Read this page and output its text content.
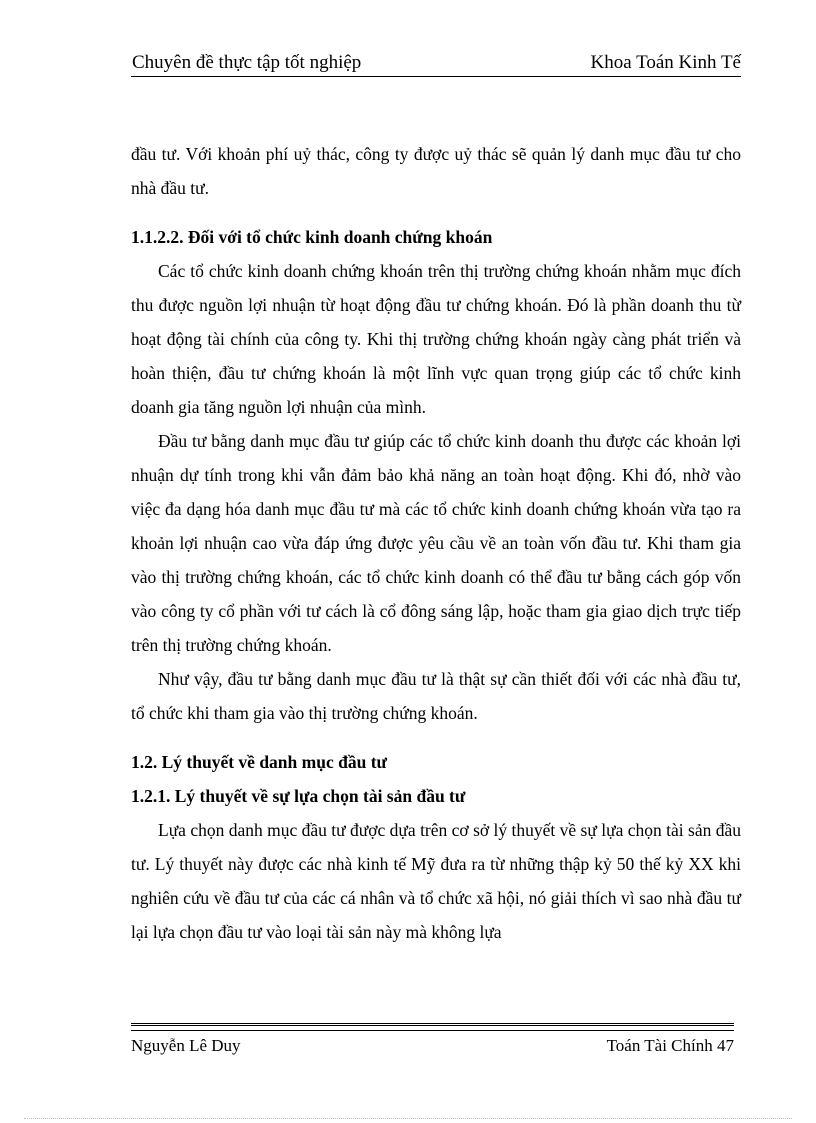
Chuyên đề thực tập tốt nghiệp	Khoa Toán Kinh Tế

đầu tư. Với khoản phí uỷ thác, công ty được uỷ thác sẽ quản lý danh mục đầu tư cho nhà đầu tư.

1.1.2.2. Đối với tổ chức kinh doanh chứng khoán

Các tổ chức kinh doanh chứng khoán trên thị trường chứng khoán nhằm mục đích thu được nguồn lợi nhuận từ hoạt động đầu tư chứng khoán. Đó là phần doanh thu từ hoạt động tài chính của công ty. Khi thị trường chứng khoán ngày càng phát triển và hoàn thiện, đầu tư chứng khoán là một lĩnh vực quan trọng giúp các tổ chức kinh doanh gia tăng nguồn lợi nhuận của mình.

Đầu tư bằng danh mục đầu tư giúp các tổ chức kinh doanh thu được các khoản lợi nhuận dự tính trong khi vẫn đảm bảo khả năng an toàn hoạt động. Khi đó, nhờ vào việc đa dạng hóa danh mục đầu tư mà các tổ chức kinh doanh chứng khoán vừa tạo ra khoản lợi nhuận cao vừa đáp ứng được yêu cầu về an toàn vốn đầu tư. Khi tham gia vào thị trường chứng khoán, các tổ chức kinh doanh có thể đầu tư bằng cách góp vốn vào công ty cổ phần với tư cách là cổ đông sáng lập, hoặc tham gia giao dịch trực tiếp trên thị trường chứng khoán.

Như vậy, đầu tư bằng danh mục đầu tư là thật sự cần thiết đối với các nhà đầu tư, tổ chức khi tham gia vào thị trường chứng khoán.

1.2. Lý thuyết về danh mục đầu tư
1.2.1. Lý thuyết về sự lựa chọn tài sản đầu tư

Lựa chọn danh mục đầu tư được dựa trên cơ sở lý thuyết về sự lựa chọn tài sản đầu tư. Lý thuyết này được các nhà kinh tế Mỹ đưa ra từ những thập kỷ 50 thế kỷ XX khi nghiên cứu về đầu tư của các cá nhân và tổ chức xã hội, nó giải thích vì sao nhà đầu tư lại lựa chọn đầu tư vào loại tài sản này mà không lựa

Nguyễn Lê Duy	Toán Tài Chính 47
